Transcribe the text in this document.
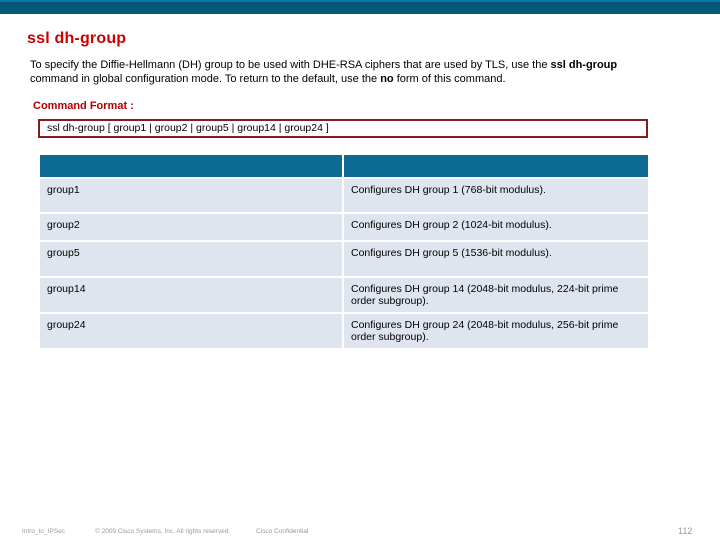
ssl dh-group
To specify the Diffie-Hellmann (DH) group to be used with DHE-RSA ciphers that are used by TLS, use the ssl dh-group command in global configuration mode. To return to the default, use the no form of this command.
Command Format :
ssl dh-group [ group1 | group2 | group5 | group14 | group24 ]

group1	Configures DH group 1 (768-bit modulus).
group2	Configures DH group 2 (1024-bit modulus).
group5	Configures DH group 5 (1536-bit modulus).
group14	Configures DH group 14 (2048-bit modulus, 224-bit prime order subgroup).
group24	Configures DH group 24 (2048-bit modulus, 256-bit prime order subgroup).
Intro_to_IPSec	© 2009 Cisco Systems, Inc. All rights reserved.	Cisco Confidential	112
